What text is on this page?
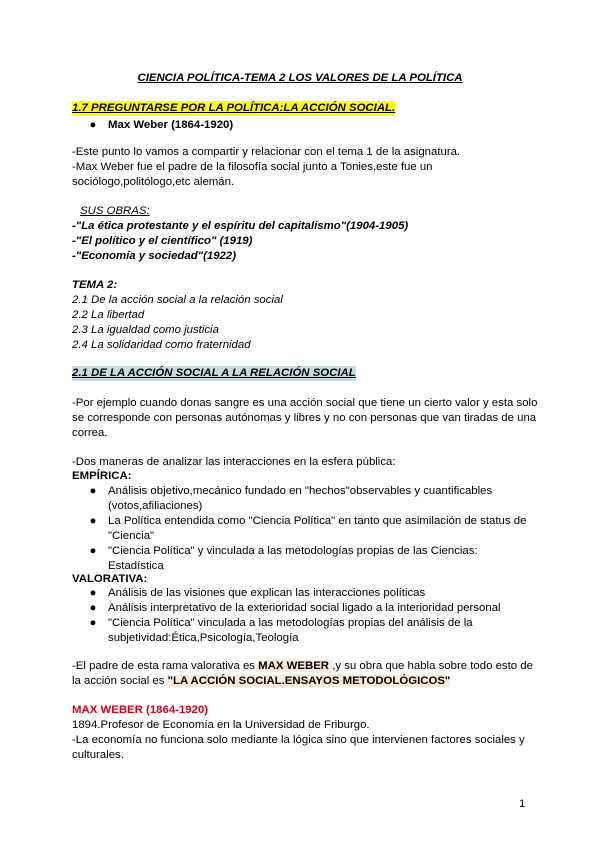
CIENCIA POLÍTICA-TEMA 2 LOS VALORES DE LA POLÍTICA
1.7 PREGUNTARSE POR LA POLÍTICA:LA ACCIÓN SOCIAL.
● Max Weber (1864-1920)
-Este punto lo vamos a compartir y relacionar con el tema 1 de la asignatura.
-Max Weber fue el padre de la filosofía social junto a Tonies,este fue un
sociólogo,politólogo,etc alemán.
SUS OBRAS:
-"La ética protestante y el espíritu del capitalismo"(1904-1905)
-"El político y el científico" (1919)
-"Economía y sociedad"(1922)
TEMA 2:
2.1 De la acción social a la relación social
2.2 La libertad
2.3 La igualdad como justicia
2.4 La solidaridad como fraternidad
2.1 DE LA ACCIÓN SOCIAL A LA RELACIÓN SOCIAL
-Por ejemplo cuando donas sangre es una acción social que tiene un cierto valor y esta solo
se corresponde con personas autónomas y libres y no con personas que van tiradas de una
correa.
-Dos maneras de analizar las interacciones en la esfera pública:
EMPÍRICA:
● Análisis objetivo,mecánico fundado en "hechos"observables y cuantificables
(votos,afiliaciones)
● La Política entendida como "Ciencia Política" en tanto que asimilación de status de
"Ciencia"
● "Ciencia Política" y vinculada a las metodologías propias de las Ciencias:
Estadística
VALORATIVA:
● Análisis de las visiones que explican las interacciones políticas
● Análisis interpretativo de la exterioridad social ligado a la interioridad personal
● "Ciencia Política" vinculada a las metodologías propias del análisis de la
subjetividad:Ética,Psicología,Teología
-El padre de esta rama valorativa es MAX WEBER ,y su obra que habla sobre todo esto de
la acción social es "LA ACCIÓN SOCIAL.ENSAYOS METODOLÓGICOS"
MAX WEBER (1864-1920)
1894.Profesor de Economía en la Universidad de Friburgo.
-La economía no funciona solo mediante la lógica sino que intervienen factores sociales y
culturales.
1
